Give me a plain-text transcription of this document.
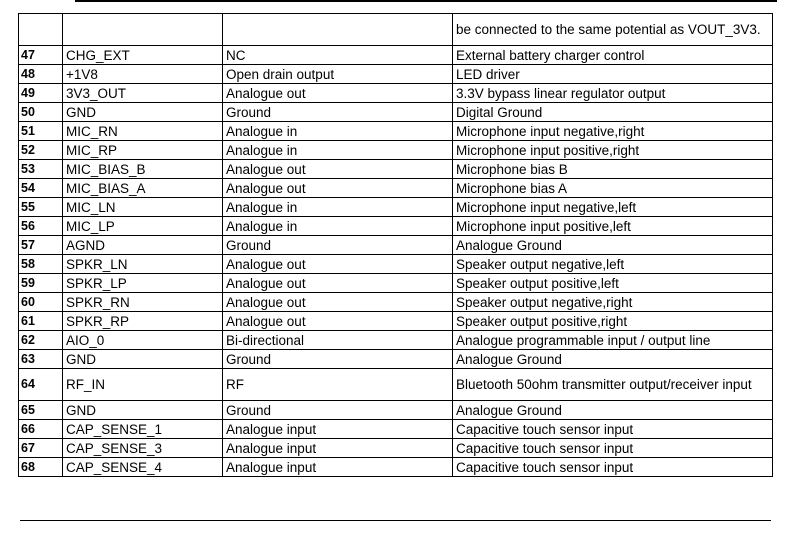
			be connected to the same potential as VOUT_3V3.
47	CHG_EXT	NC	External battery charger control
48	+1V8	Open drain output	LED driver
49	3V3_OUT	Analogue out	3.3V bypass linear regulator output
50	GND	Ground	Digital Ground
51	MIC_RN	Analogue in	Microphone input negative,right
52	MIC_RP	Analogue in	Microphone input positive,right
53	MIC_BIAS_B	Analogue out	Microphone bias B
54	MIC_BIAS_A	Analogue out	Microphone bias A
55	MIC_LN	Analogue in	Microphone input negative,left
56	MIC_LP	Analogue in	Microphone input positive,left
57	AGND	Ground	Analogue Ground
58	SPKR_LN	Analogue out	Speaker output negative,left
59	SPKR_LP	Analogue out	Speaker output positive,left
60	SPKR_RN	Analogue out	Speaker output negative,right
61	SPKR_RP	Analogue out	Speaker output positive,right
62	AIO_0	Bi-directional	Analogue programmable input / output line
63	GND	Ground	Analogue Ground
64	RF_IN	RF	Bluetooth 50ohm transmitter output/receiver input
65	GND	Ground	Analogue Ground
66	CAP_SENSE_1	Analogue input	Capacitive touch sensor input
67	CAP_SENSE_3	Analogue input	Capacitive touch sensor input
68	CAP_SENSE_4	Analogue input	Capacitive touch sensor input
